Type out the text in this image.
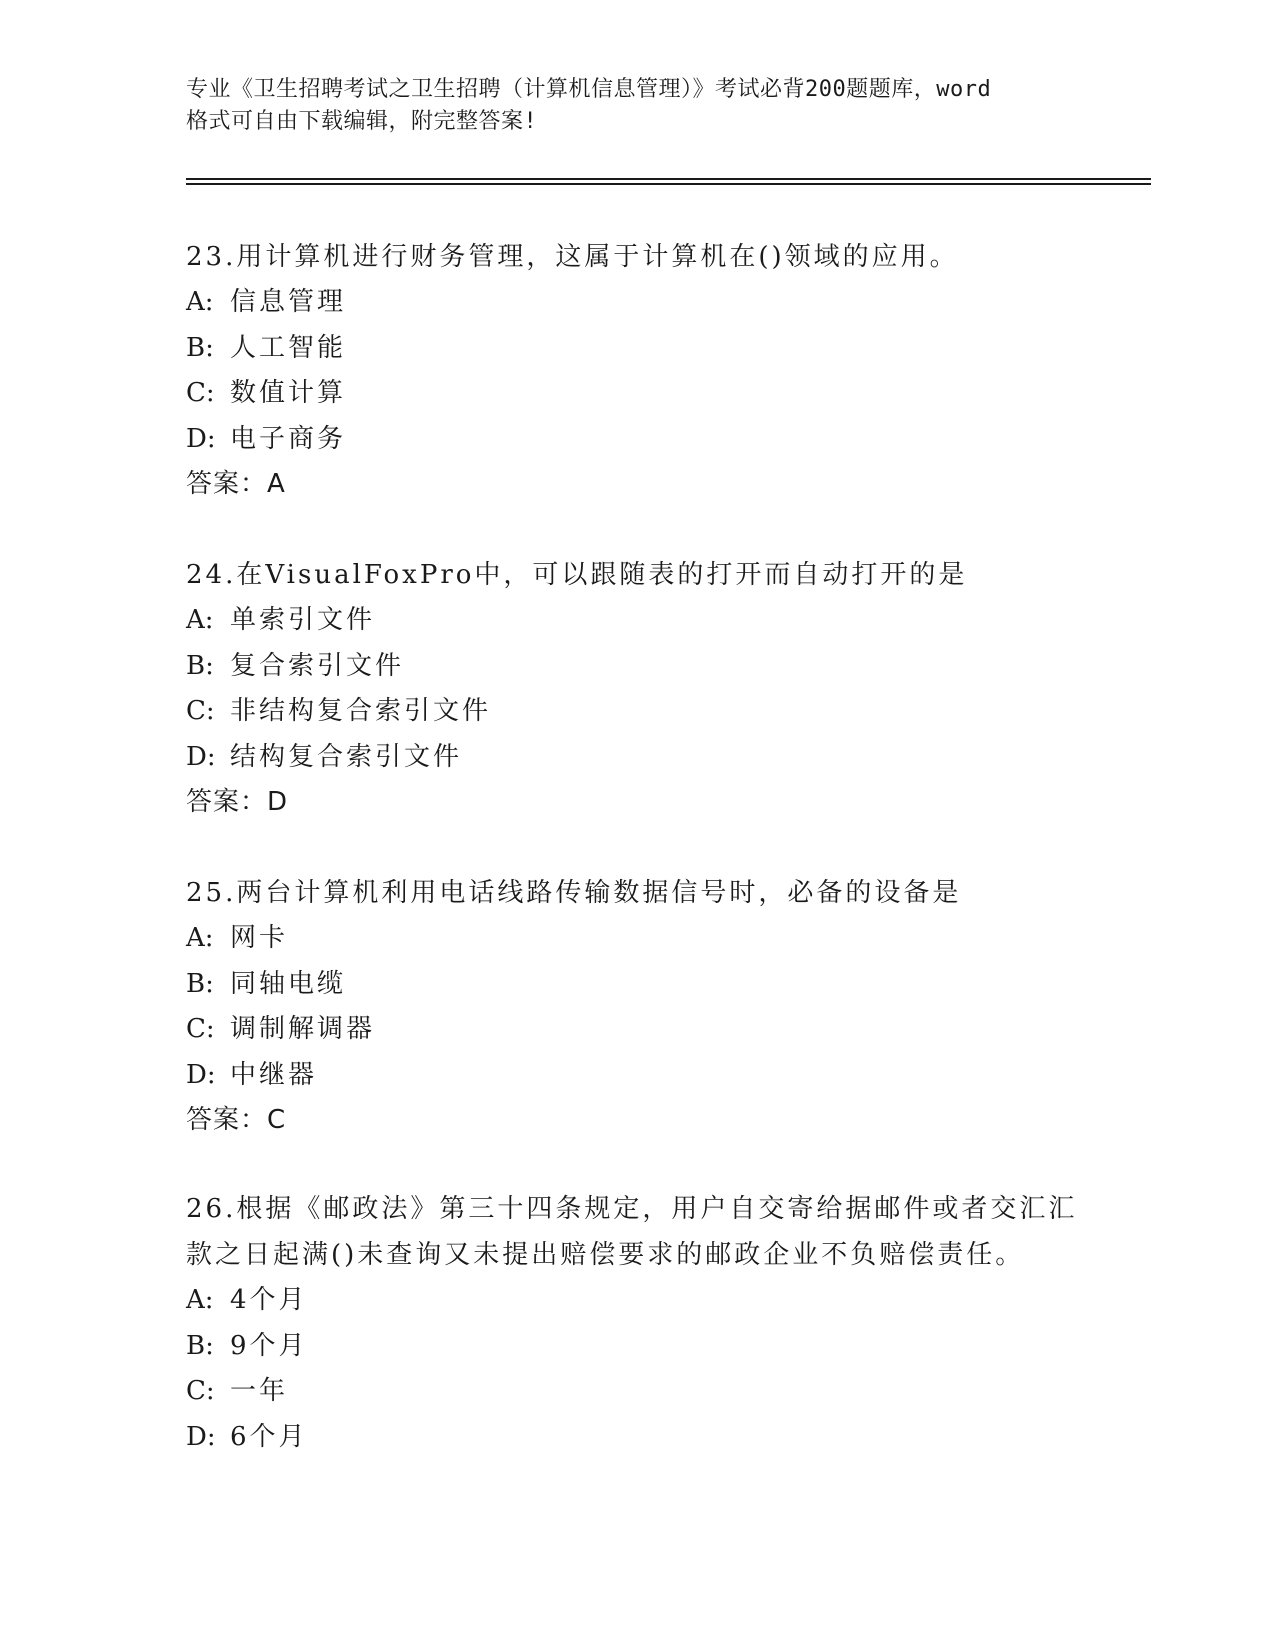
专业《卫生招聘考试之卫生招聘（计算机信息管理）》考试必背200题题库，word
格式可自由下载编辑，附完整答案!

23.用计算机进行财务管理，这属于计算机在()领域的应用。

A: 信息管理

B: 人工智能

C: 数值计算

D: 电子商务

答案：A

24.在VisualFoxPro中，可以跟随表的打开而自动打开的是

A: 单索引文件

B: 复合索引文件

C: 非结构复合索引文件

D: 结构复合索引文件

答案：D

25.两台计算机利用电话线路传输数据信号时，必备的设备是

A: 网卡

B: 同轴电缆

C: 调制解调器

D: 中继器

答案：C

26.根据《邮政法》第三十四条规定，用户自交寄给据邮件或者交汇汇

款之日起满()未查询又未提出赔偿要求的邮政企业不负赔偿责任。

A: 4个月

B: 9个月

C: 一年

D: 6个月
